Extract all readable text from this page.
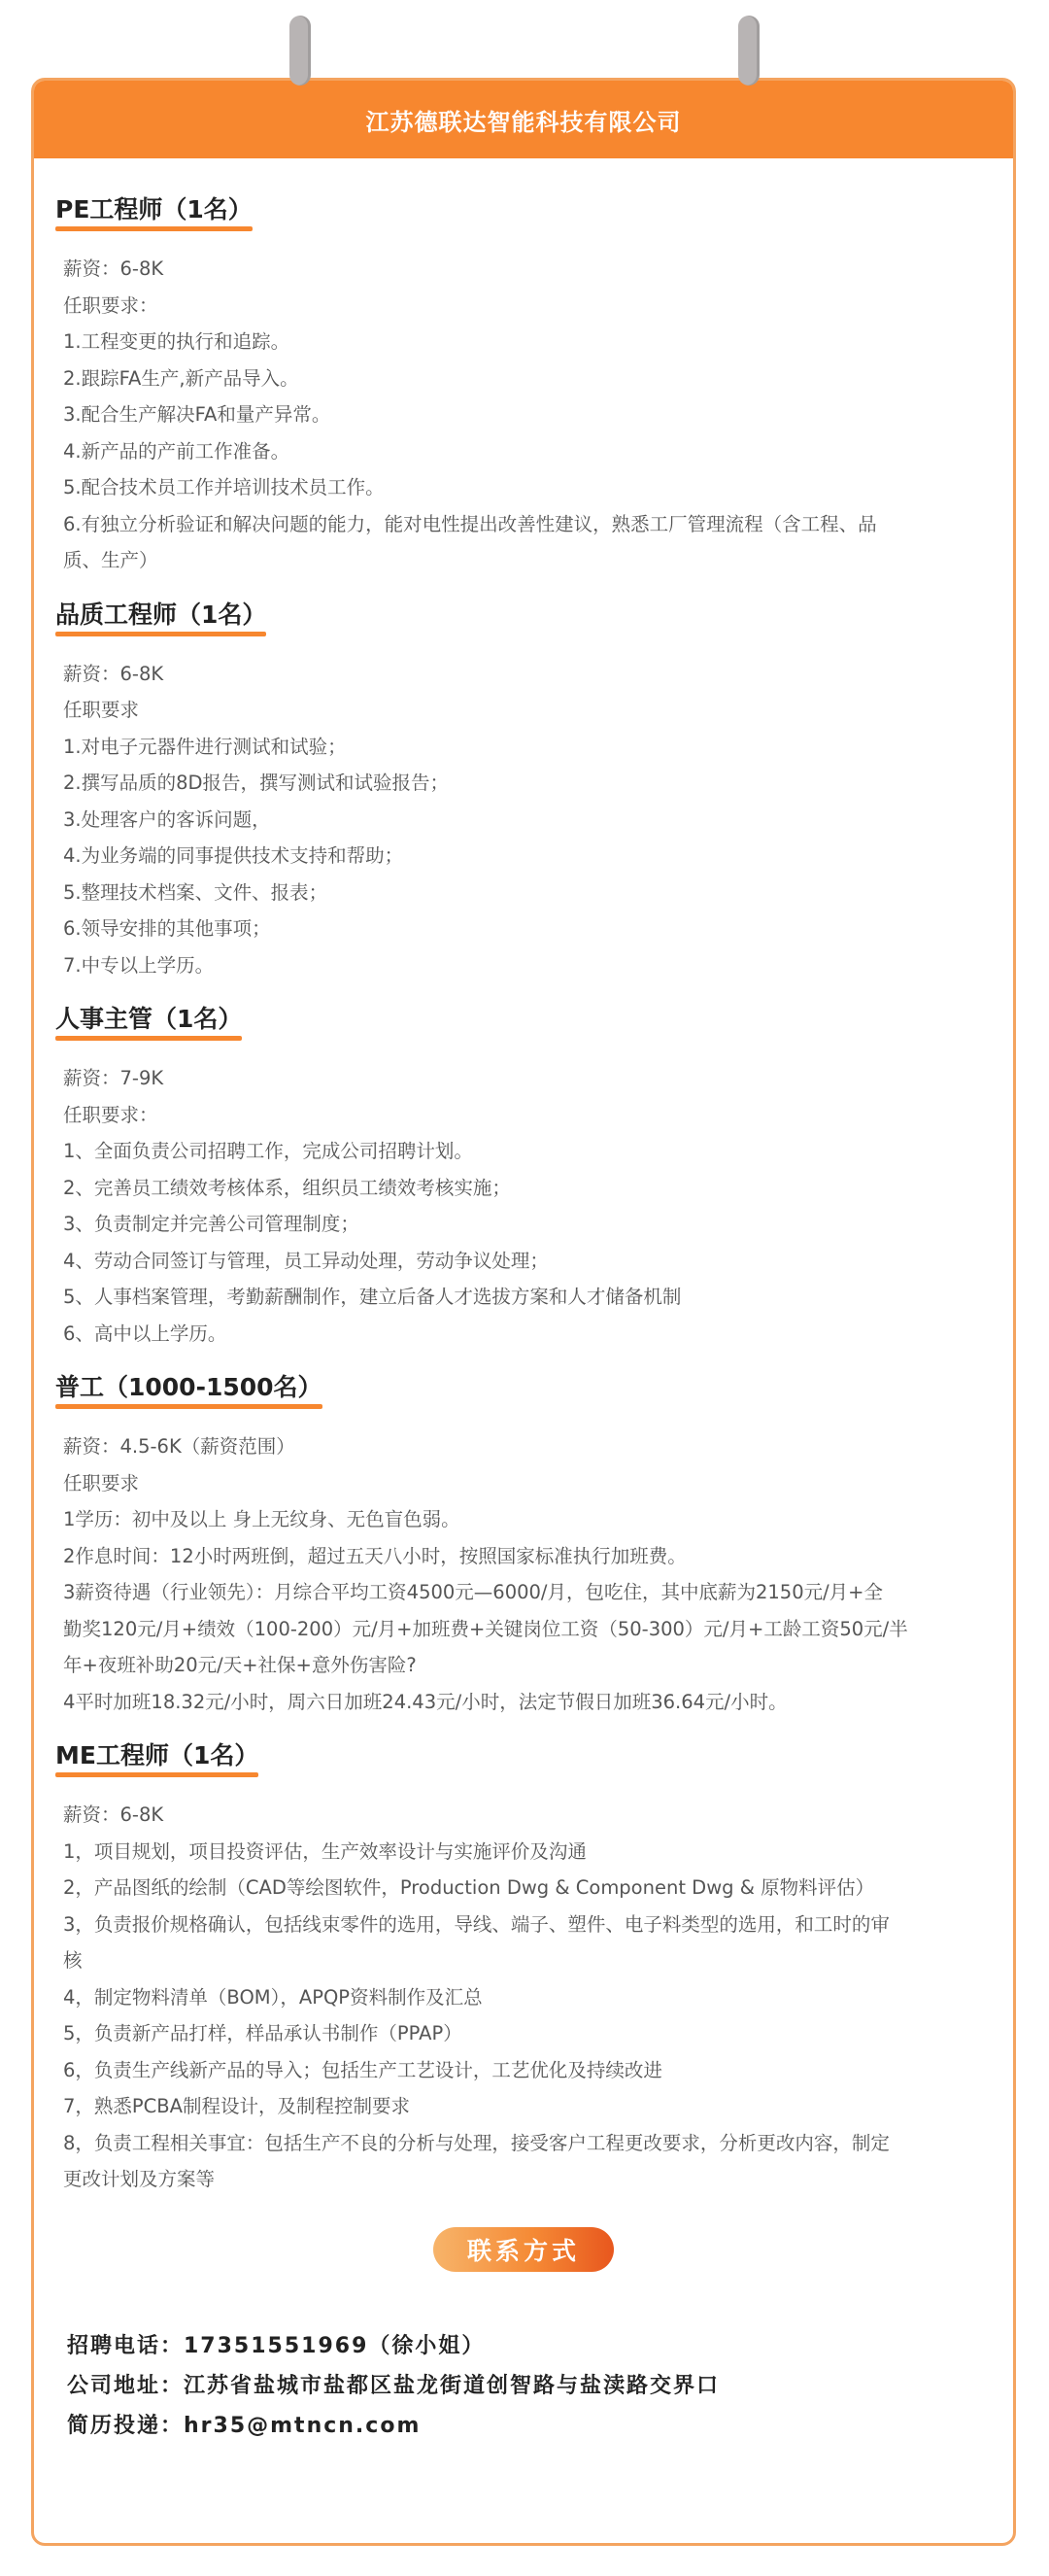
江苏德联达智能科技有限公司
PE工程师（1名）
薪资：6-8K
任职要求：
1.工程变更的执行和追踪。
2.跟踪FA生产,新产品导入。
3.配合生产解决FA和量产异常。
4.新产品的产前工作准备。
5.配合技术员工作并培训技术员工作。
6.有独立分析验证和解决问题的能力，能对电性提出改善性建议，熟悉工厂管理流程（含工程、品
质、生产）
品质工程师（1名）
薪资：6-8K
任职要求
1.对电子元器件进行测试和试验；
2.撰写品质的8D报告，撰写测试和试验报告；
3.处理客户的客诉问题，
4.为业务端的同事提供技术支持和帮助；
5.整理技术档案、文件、报表；
6.领导安排的其他事项；
7.中专以上学历。
人事主管（1名）
薪资：7-9K
任职要求：
1、全面负责公司招聘工作，完成公司招聘计划。
2、完善员工绩效考核体系，组织员工绩效考核实施；
3、负责制定并完善公司管理制度；
4、劳动合同签订与管理，员工异动处理，劳动争议处理；
5、人事档案管理，考勤薪酬制作，建立后备人才选拔方案和人才储备机制
6、高中以上学历。
普工（1000-1500名）
薪资：4.5-6K（薪资范围）
任职要求
1学历：初中及以上 身上无纹身、无色盲色弱。
2作息时间：12小时两班倒，超过五天八小时，按照国家标准执行加班费。
3薪资待遇（行业领先）：月综合平均工资4500元—6000/月，包吃住，其中底薪为2150元/月+全
勤奖120元/月+绩效（100-200）元/月+加班费+关键岗位工资（50-300）元/月+工龄工资50元/半
年+夜班补助20元/天+社保+意外伤害险?
4平时加班18.32元/小时，周六日加班24.43元/小时，法定节假日加班36.64元/小时。
ME工程师（1名）
薪资：6-8K
1，项目规划，项目投资评估，生产效率设计与实施评价及沟通
2，产品图纸的绘制（CAD等绘图软件，Production Dwg & Component Dwg & 原物料评估）
3，负责报价规格确认，包括线束零件的选用，导线、端子、塑件、电子料类型的选用，和工时的审
核
4，制定物料清单（BOM），APQP资料制作及汇总
5，负责新产品打样，样品承认书制作（PPAP）
6，负责生产线新产品的导入；包括生产工艺设计，工艺优化及持续改进
7，熟悉PCBA制程设计，及制程控制要求
8，负责工程相关事宜：包括生产不良的分析与处理，接受客户工程更改要求，分析更改内容，制定
更改计划及方案等
联系方式
招聘电话：17351551969（徐小姐）
公司地址：江苏省盐城市盐都区盐龙街道创智路与盐渎路交界口
简历投递：hr35@mtncn.com
